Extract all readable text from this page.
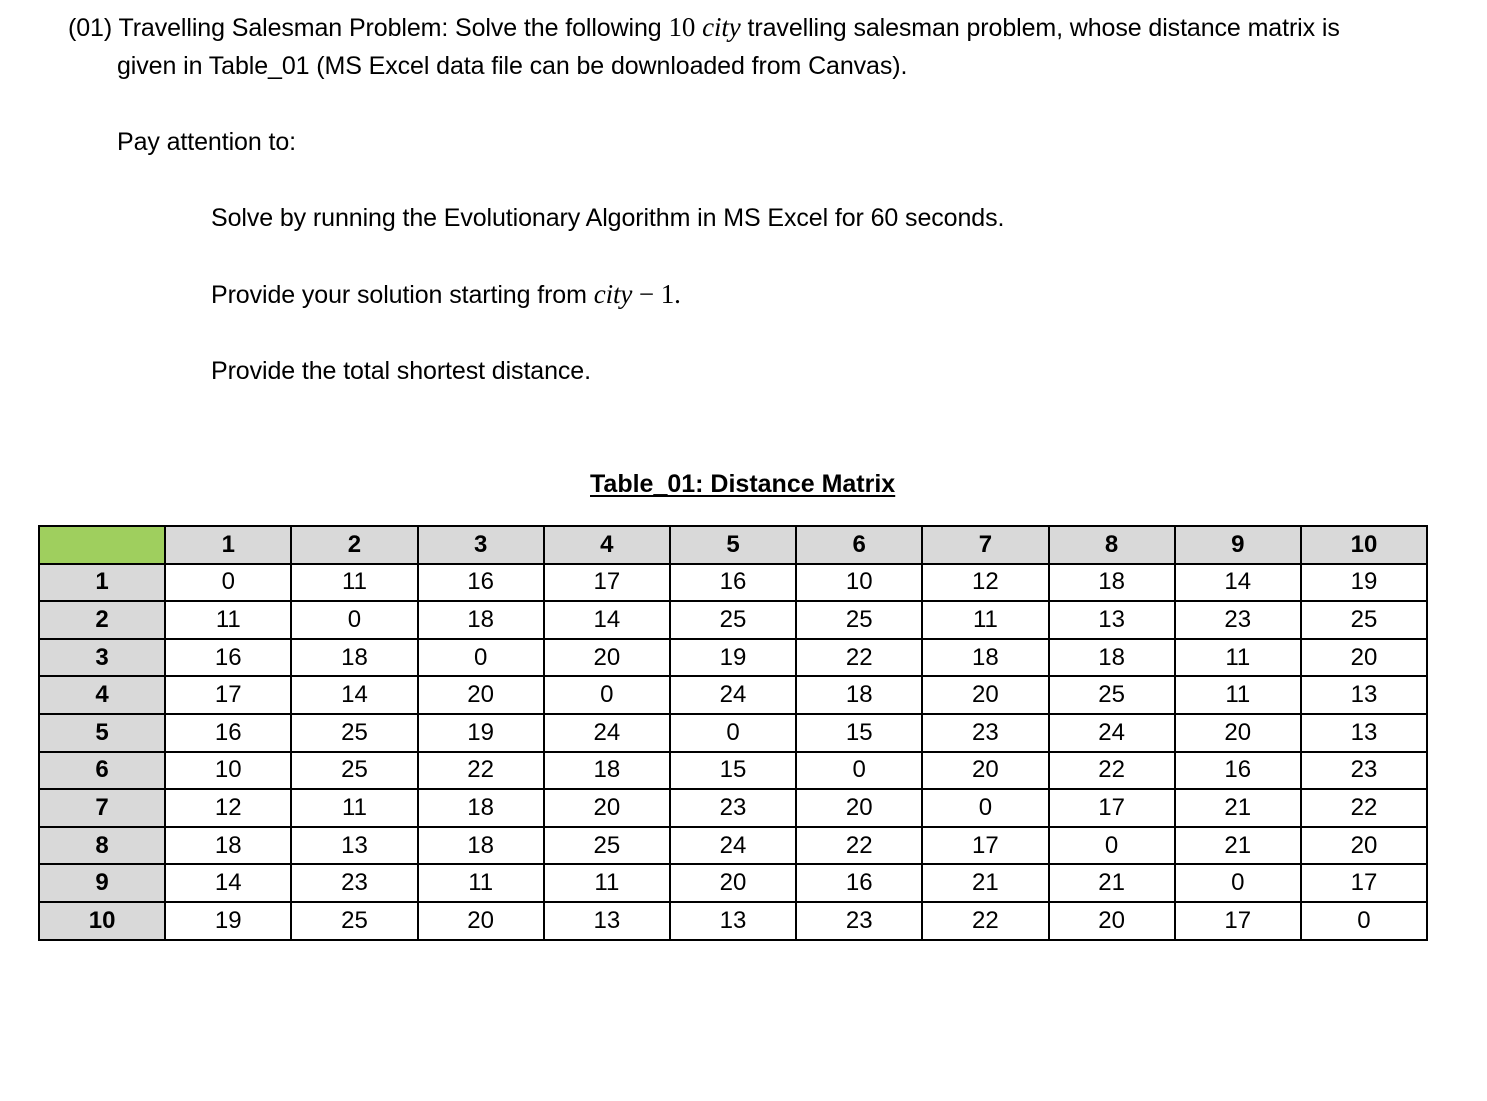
(01) Travelling Salesman Problem: Solve the following 10 city travelling salesman problem, whose distance matrix is
given in Table_01 (MS Excel data file can be downloaded from Canvas).
Pay attention to:
Solve by running the Evolutionary Algorithm in MS Excel for 60 seconds.
Provide your solution starting from city − 1.
Provide the total shortest distance.
Table_01: Distance Matrix
	1	2	3	4	5	6	7	8	9	10
1	0	11	16	17	16	10	12	18	14	19
2	11	0	18	14	25	25	11	13	23	25
3	16	18	0	20	19	22	18	18	11	20
4	17	14	20	0	24	18	20	25	11	13
5	16	25	19	24	0	15	23	24	20	13
6	10	25	22	18	15	0	20	22	16	23
7	12	11	18	20	23	20	0	17	21	22
8	18	13	18	25	24	22	17	0	21	20
9	14	23	11	11	20	16	21	21	0	17
10	19	25	20	13	13	23	22	20	17	0
